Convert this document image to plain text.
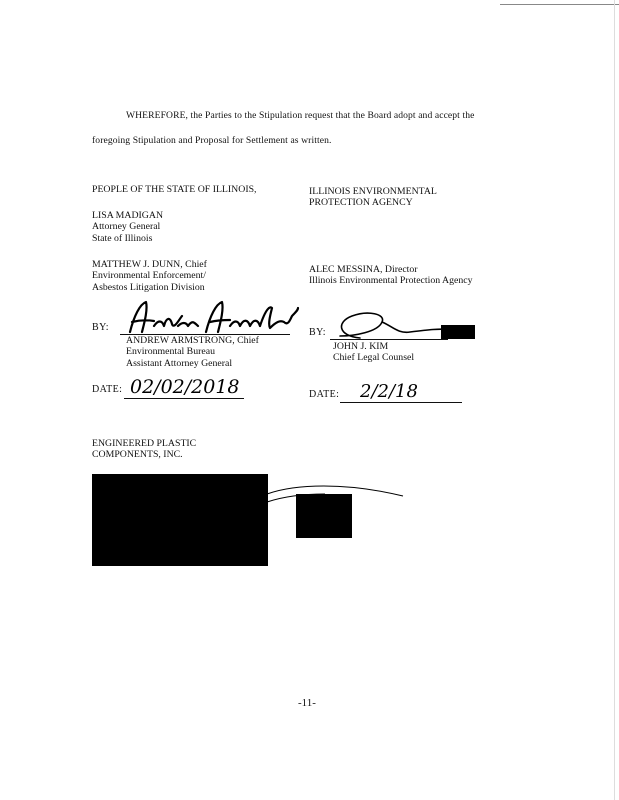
WHEREFORE, the Parties to the Stipulation request that the Board adopt and accept the
foregoing Stipulation and Proposal for Settlement as written.
PEOPLE OF THE STATE OF ILLINOIS,
LISA MADIGAN
Attorney General
State of Illinois
MATTHEW J. DUNN, Chief
Environmental Enforcement/
Asbestos Litigation Division
BY:
ANDREW ARMSTRONG, Chief
Environmental Bureau
Assistant Attorney General
DATE: 02/02/2018
ILLINOIS ENVIRONMENTAL
PROTECTION AGENCY
ALEC MESSINA, Director
Illinois Environmental Protection Agency
BY:
JOHN J. KIM
Chief Legal Counsel
DATE: 2/2/18
ENGINEERED PLASTIC
COMPONENTS, INC.
-11-
